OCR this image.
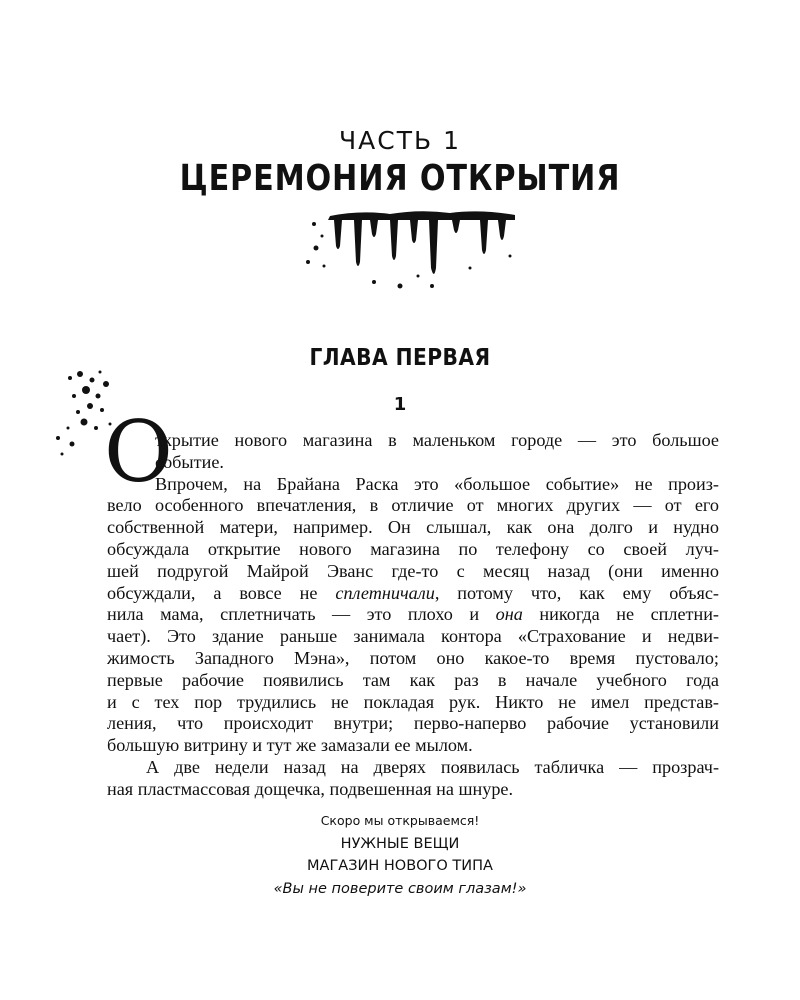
ЧАСТЬ 1
ЦЕРЕМОНИЯ ОТКРЫТИЯ
ГЛАВА ПЕРВАЯ
1
О
ткрытие нового магазина в маленьком городе — это большое
событие.
Впрочем, на Брайана Раска это «большое событие» не произ-
вело особенного впечатления, в отличие от многих других — от его
собственной матери, например. Он слышал, как она долго и нудно
обсуждала открытие нового магазина по телефону со своей луч-
шей подругой Майрой Эванс где-то с месяц назад (они именно
обсуждали, а вовсе не сплетничали, потому что, как ему объяс-
нила мама, сплетничать — это плохо и она никогда не сплетни-
чает). Это здание раньше занимала контора «Страхование и недви-
жимость Западного Мэна», потом оно какое-то время пустовало;
первые рабочие появились там как раз в начале учебного года
и с тех пор трудились не покладая рук. Никто не имел представ-
ления, что происходит внутри; перво-наперво рабочие установили
большую витрину и тут же замазали ее мылом.
А две недели назад на дверях появилась табличка — прозрач-
ная пластмассовая дощечка, подвешенная на шнуре.
Скоро мы открываемся!
НУЖНЫЕ ВЕЩИ
МАГАЗИН НОВОГО ТИПА
«Вы не поверите своим глазам!»
